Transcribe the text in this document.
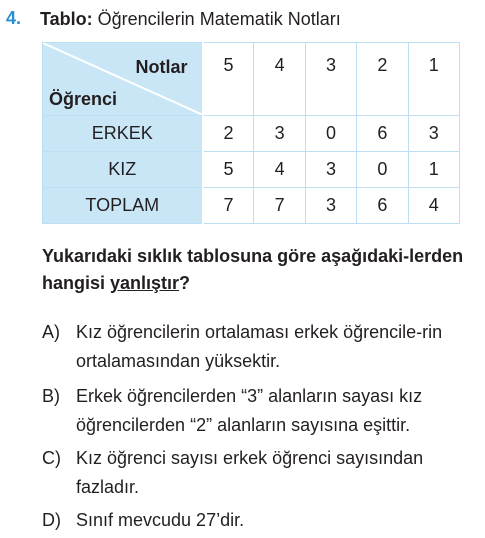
4. Tablo: Öğrencilerin Matematik Notları
Notlar
Öğrenci	5	4	3	2	1
ERKEK	2	3	0	6	3
KIZ	5	4	3	0	1
TOPLAM	7	7	3	6	4
Yukarıdaki sıklık tablosuna göre aşağıdaki-lerden hangisi yanlıştır?
A) Kız öğrencilerin ortalaması erkek öğrencile-rin ortalamasından yüksektir.
B) Erkek öğrencilerden “3” alanların sayası kız öğrencilerden “2” alanların sayısına eşittir.
C) Kız öğrenci sayısı erkek öğrenci sayısından fazladır.
D) Sınıf mevcudu 27’dir.
